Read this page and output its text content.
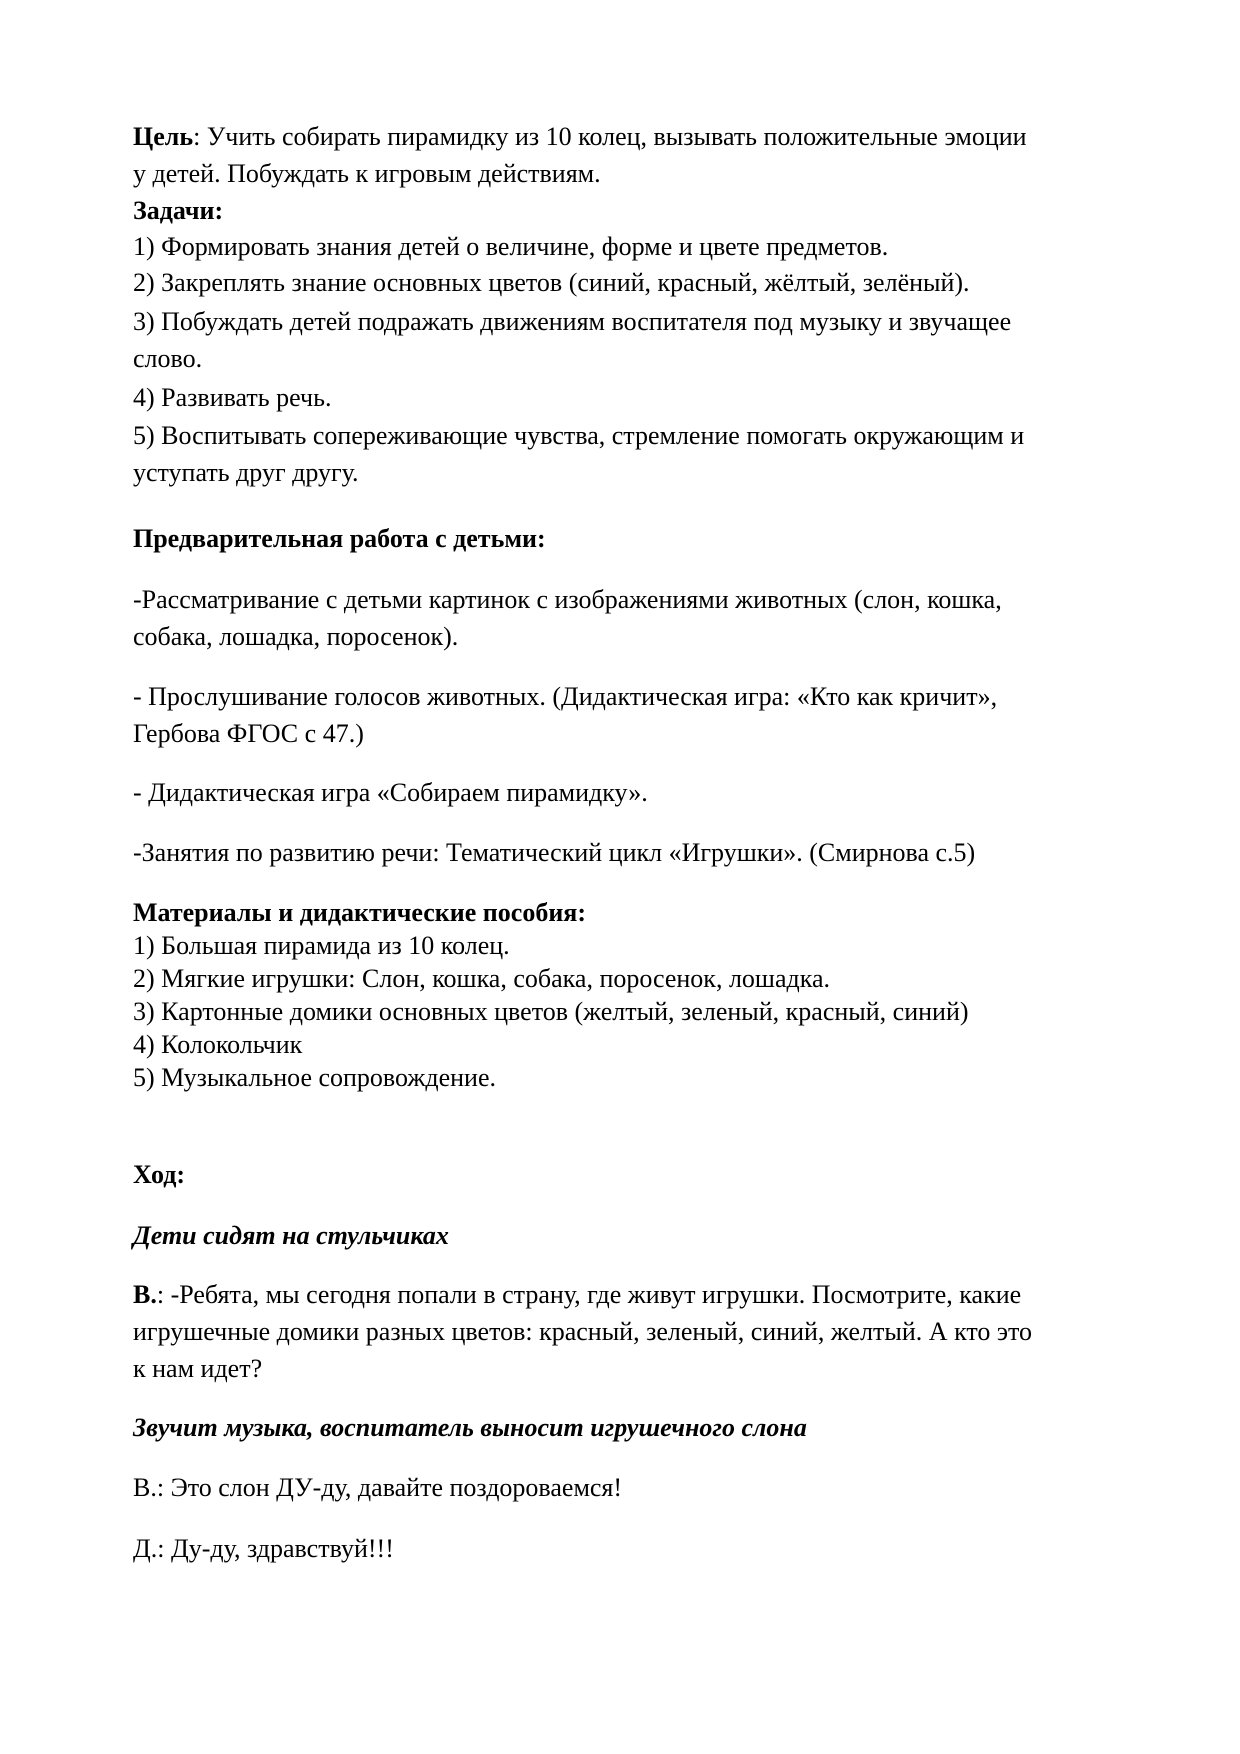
Цель: Учить собирать пирамидку из 10 колец, вызывать положительные эмоции
у детей. Побуждать к игровым действиям.
Задачи:
1) Формировать знания детей о величине, форме и цвете предметов.
2) Закреплять знание основных цветов (синий, красный, жёлтый, зелёный).
3) Побуждать детей подражать движениям воспитателя под музыку и звучащее
слово.
4) Развивать речь.
5) Воспитывать сопереживающие чувства, стремление помогать окружающим и
уступать друг другу.
Предварительная работа с детьми:
-Рассматривание с детьми картинок с изображениями животных (слон, кошка,
собака, лошадка, поросенок).
- Прослушивание голосов животных. (Дидактическая игра: «Кто как кричит»,
Гербова ФГОС с 47.)
- Дидактическая игра «Собираем пирамидку».
-Занятия по развитию речи: Тематический цикл «Игрушки». (Смирнова с.5)
Материалы и дидактические пособия:
1) Большая пирамида из 10 колец.
2) Мягкие игрушки: Слон, кошка, собака, поросенок, лошадка.
3) Картонные домики основных цветов (желтый, зеленый, красный, синий)
4) Колокольчик
5) Музыкальное сопровождение.
Ход:
Дети сидят на стульчиках
В.: -Ребята, мы сегодня попали в страну, где живут игрушки. Посмотрите, какие
игрушечные домики разных цветов: красный, зеленый, синий, желтый. А кто это
к нам идет?
Звучит музыка, воспитатель выносит игрушечного слона
В.: Это слон ДУ-ду, давайте поздороваемся!
Д.: Ду-ду, здравствуй!!!
